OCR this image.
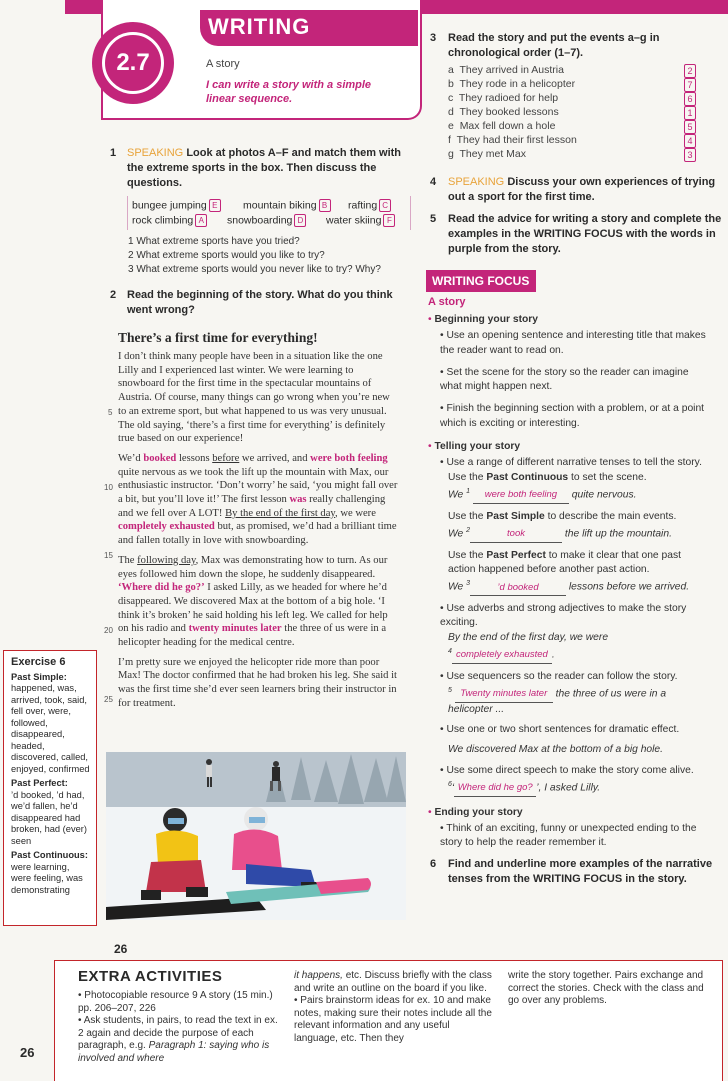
WRITING
2.7	A story
I can write a story with a simple linear sequence.
1 SPEAKING Look at photos A–F and match them with the extreme sports in the box. Then discuss the questions.
bungee jumping E	mountain biking B	rafting C
rock climbing A	snowboarding D water skiing F
1 What extreme sports have you tried?
2 What extreme sports would you like to try?
3 What extreme sports would you never like to try? Why?
2 Read the beginning of the story. What do you think went wrong?
There’s a first time for everything!

I don’t think many people have been in a situation like the one Lilly and I experienced last winter. We were learning to snowboard for the first time in the spectacular mountains of Austria. Of course, many things can go wrong when you’re new to an extreme sport, but what happened to us was very unusual. The old saying, ‘there’s a first time for everything’ is definitely true based on our experience!

We’d booked lessons before we arrived, and were both feeling quite nervous as we took the lift up the mountain with Max, our enthusiastic instructor. ‘Don’t worry’ he said, ‘you might fall over a bit, but you’ll love it!’ The first lesson was really challenging and we fell over A LOT! By the end of the first day, we were completely exhausted but, as promised, we’d had a brilliant time and fallen totally in love with snowboarding.

The following day, Max was demonstrating how to turn. As our eyes followed him down the slope, he suddenly disappeared. ‘Where did he go?’ I asked Lilly, as we headed for where he’d disappeared. We discovered Max at the bottom of a big hole. ‘I think it’s broken’ he said holding his left leg. We called for help on his radio and twenty minutes later the three of us were in a helicopter heading for the medical centre.

I’m pretty sure we enjoyed the helicopter ride more than poor Max! The doctor confirmed that he had broken his leg. She said it was the first time she’d ever seen learners bring their instructor in for treatment.

5
10
15
20
25
Exercise 6
Past Simple:
happened, was, arrived, took, said, fell over, were, followed, disappeared, headed, discovered, called, enjoyed, confirmed
Past Perfect:
’d booked, ’d had, we’d fallen, he’d disappeared had broken, had (ever) seen
Past Continuous:
were learning, were feeling, was demonstrating
3 Read the story and put the events a–g in chronological order (1–7).
a They arrived in Austria	2
b They rode in a helicopter	7
c They radioed for help	6
d They booked lessons	1
e Max fell down a hole	5
f They had their first lesson	4
g They met Max	3
4 SPEAKING Discuss your own experiences of trying out a sport for the first time.
5 Read the advice for writing a story and complete the examples in the WRITING FOCUS with the words in purple from the story.
WRITING FOCUS
A story
• Beginning your story
• Use an opening sentence and interesting title that makes the reader want to read on.
• Set the scene for the story so the reader can imagine what might happen next.
• Finish the beginning section with a problem, or at a point which is exciting or interesting.
• Telling your story
• Use a range of different narrative tenses to tell the story.
Use the Past Continuous to set the scene.
We $^1$ were both feeling quite nervous.
Use the Past Simple to describe the main events.
We $^2$	took	the lift up the mountain.
Use the Past Perfect to make it clear that one past action happened before another past action.
We $^3$	’d booked	lessons before we arrived.
• Use adverbs and strong adjectives to make the story exciting.
By the end of the first day, we were
$^4$ completely exhausted .
• Use sequencers so the reader can follow the story.
$^5$ Twenty minutes later the three of us were in a helicopter ...
• Use one or two short sentences for dramatic effect.
We discovered Max at the bottom of a big hole.
• Use some direct speech to make the story come alive.
$^6$‘ Where did he go? ’, I asked Lilly.
• Ending your story
• Think of an exciting, funny or unexpected ending to the story to help the reader remember it.
6 Find and underline more examples of the narrative tenses from the WRITING FOCUS in the story.
26
EXTRA ACTIVITIES
• Photocopiable resource 9 A story (15 min.) pp. 206–207, 226
• Ask students, in pairs, to read the text in ex. 2 again and decide the purpose of each paragraph, e.g. Paragraph 1: saying who is involved and where
it happens, etc. Discuss briefly with the class and write an outline on the board if you like.
• Pairs brainstorm ideas for ex. 10 and make notes, making sure their notes include all the relevant information and any useful language, etc. Then they
write the story together. Pairs exchange and correct the stories. Check with the class and go over any problems.
26
